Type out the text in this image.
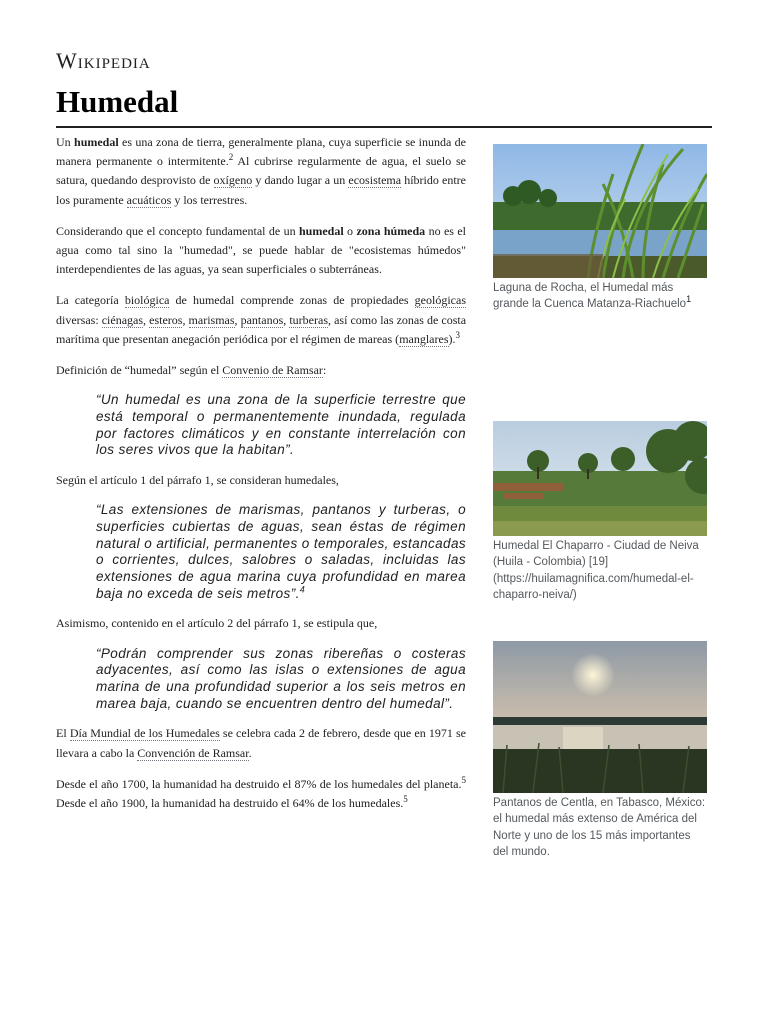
Wikipedia
Humedal

Un humedal es una zona de tierra, generalmente plana, cuya superficie se inunda de manera permanente o intermitente.$^2$ Al cubrirse regularmente de agua, el suelo se satura, quedando desprovisto de oxígeno y dando lugar a un ecosistema híbrido entre los puramente acuáticos y los terrestres.

Considerando que el concepto fundamental de un humedal o zona húmeda no es el agua como tal sino la "humedad", se puede hablar de "ecosistemas húmedos" interdependientes de las aguas, ya sean superficiales o subterráneas.

La categoría biológica de humedal comprende zonas de propiedades geológicas diversas: ciénagas, esteros, marismas, pantanos, turberas, así como las zonas de costa marítima que presentan anegación periódica por el régimen de mareas (manglares).$^3$

Definición de “humedal” según el Convenio de Ramsar:

“Un humedal es una zona de la superficie terrestre que está temporal o permanentemente inundada, regulada por factores climáticos y en constante interrelación con los seres vivos que la habitan”.

Según el artículo 1 del párrafo 1, se consideran humedales,

“Las extensiones de marismas, pantanos y turberas, o superficies cubiertas de aguas, sean éstas de régimen natural o artificial, permanentes o temporales, estancadas o corrientes, dulces, salobres o saladas, incluidas las extensiones de agua marina cuya profundidad en marea baja no exceda de seis metros”.$^4$

Asimismo, contenido en el artículo 2 del párrafo 1, se estipula que,

“Podrán comprender sus zonas ribereñas o costeras adyacentes, así como las islas o extensiones de agua marina de una profundidad superior a los seis metros en marea baja, cuando se encuentren dentro del humedal”.

El Día Mundial de los Humedales se celebra cada 2 de febrero, desde que en 1971 se llevara a cabo la Convención de Ramsar.

Desde el año 1700, la humanidad ha destruido el 87% de los humedales del planeta.$^5$ Desde el año 1900, la humanidad ha destruido el 64% de los humedales.$^5$

Laguna de Rocha, el Humedal más grande la Cuenca Matanza-Riachuelo$^1$
Humedal El Chaparro - Ciudad de Neiva (Huila - Colombia) [19] (https://huilamagnifica.com/humedal-el-chaparro-neiva/)
Pantanos de Centla, en Tabasco, México: el humedal más extenso de América del Norte y uno de los 15 más importantes del mundo.
